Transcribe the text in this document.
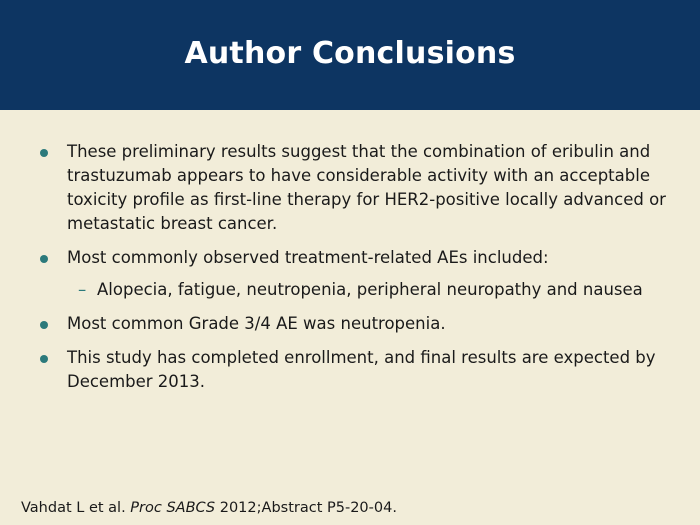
Author Conclusions
These preliminary results suggest that the combination of eribulin and trastuzumab appears to have considerable activity with an acceptable toxicity profile as first-line therapy for HER2-positive locally advanced or metastatic breast cancer.
Most commonly observed treatment-related AEs included:
– Alopecia, fatigue, neutropenia, peripheral neuropathy and nausea
Most common Grade 3/4 AE was neutropenia.
This study has completed enrollment, and final results are expected by December 2013.
Vahdat L et al. Proc SABCS 2012;Abstract P5-20-04.
